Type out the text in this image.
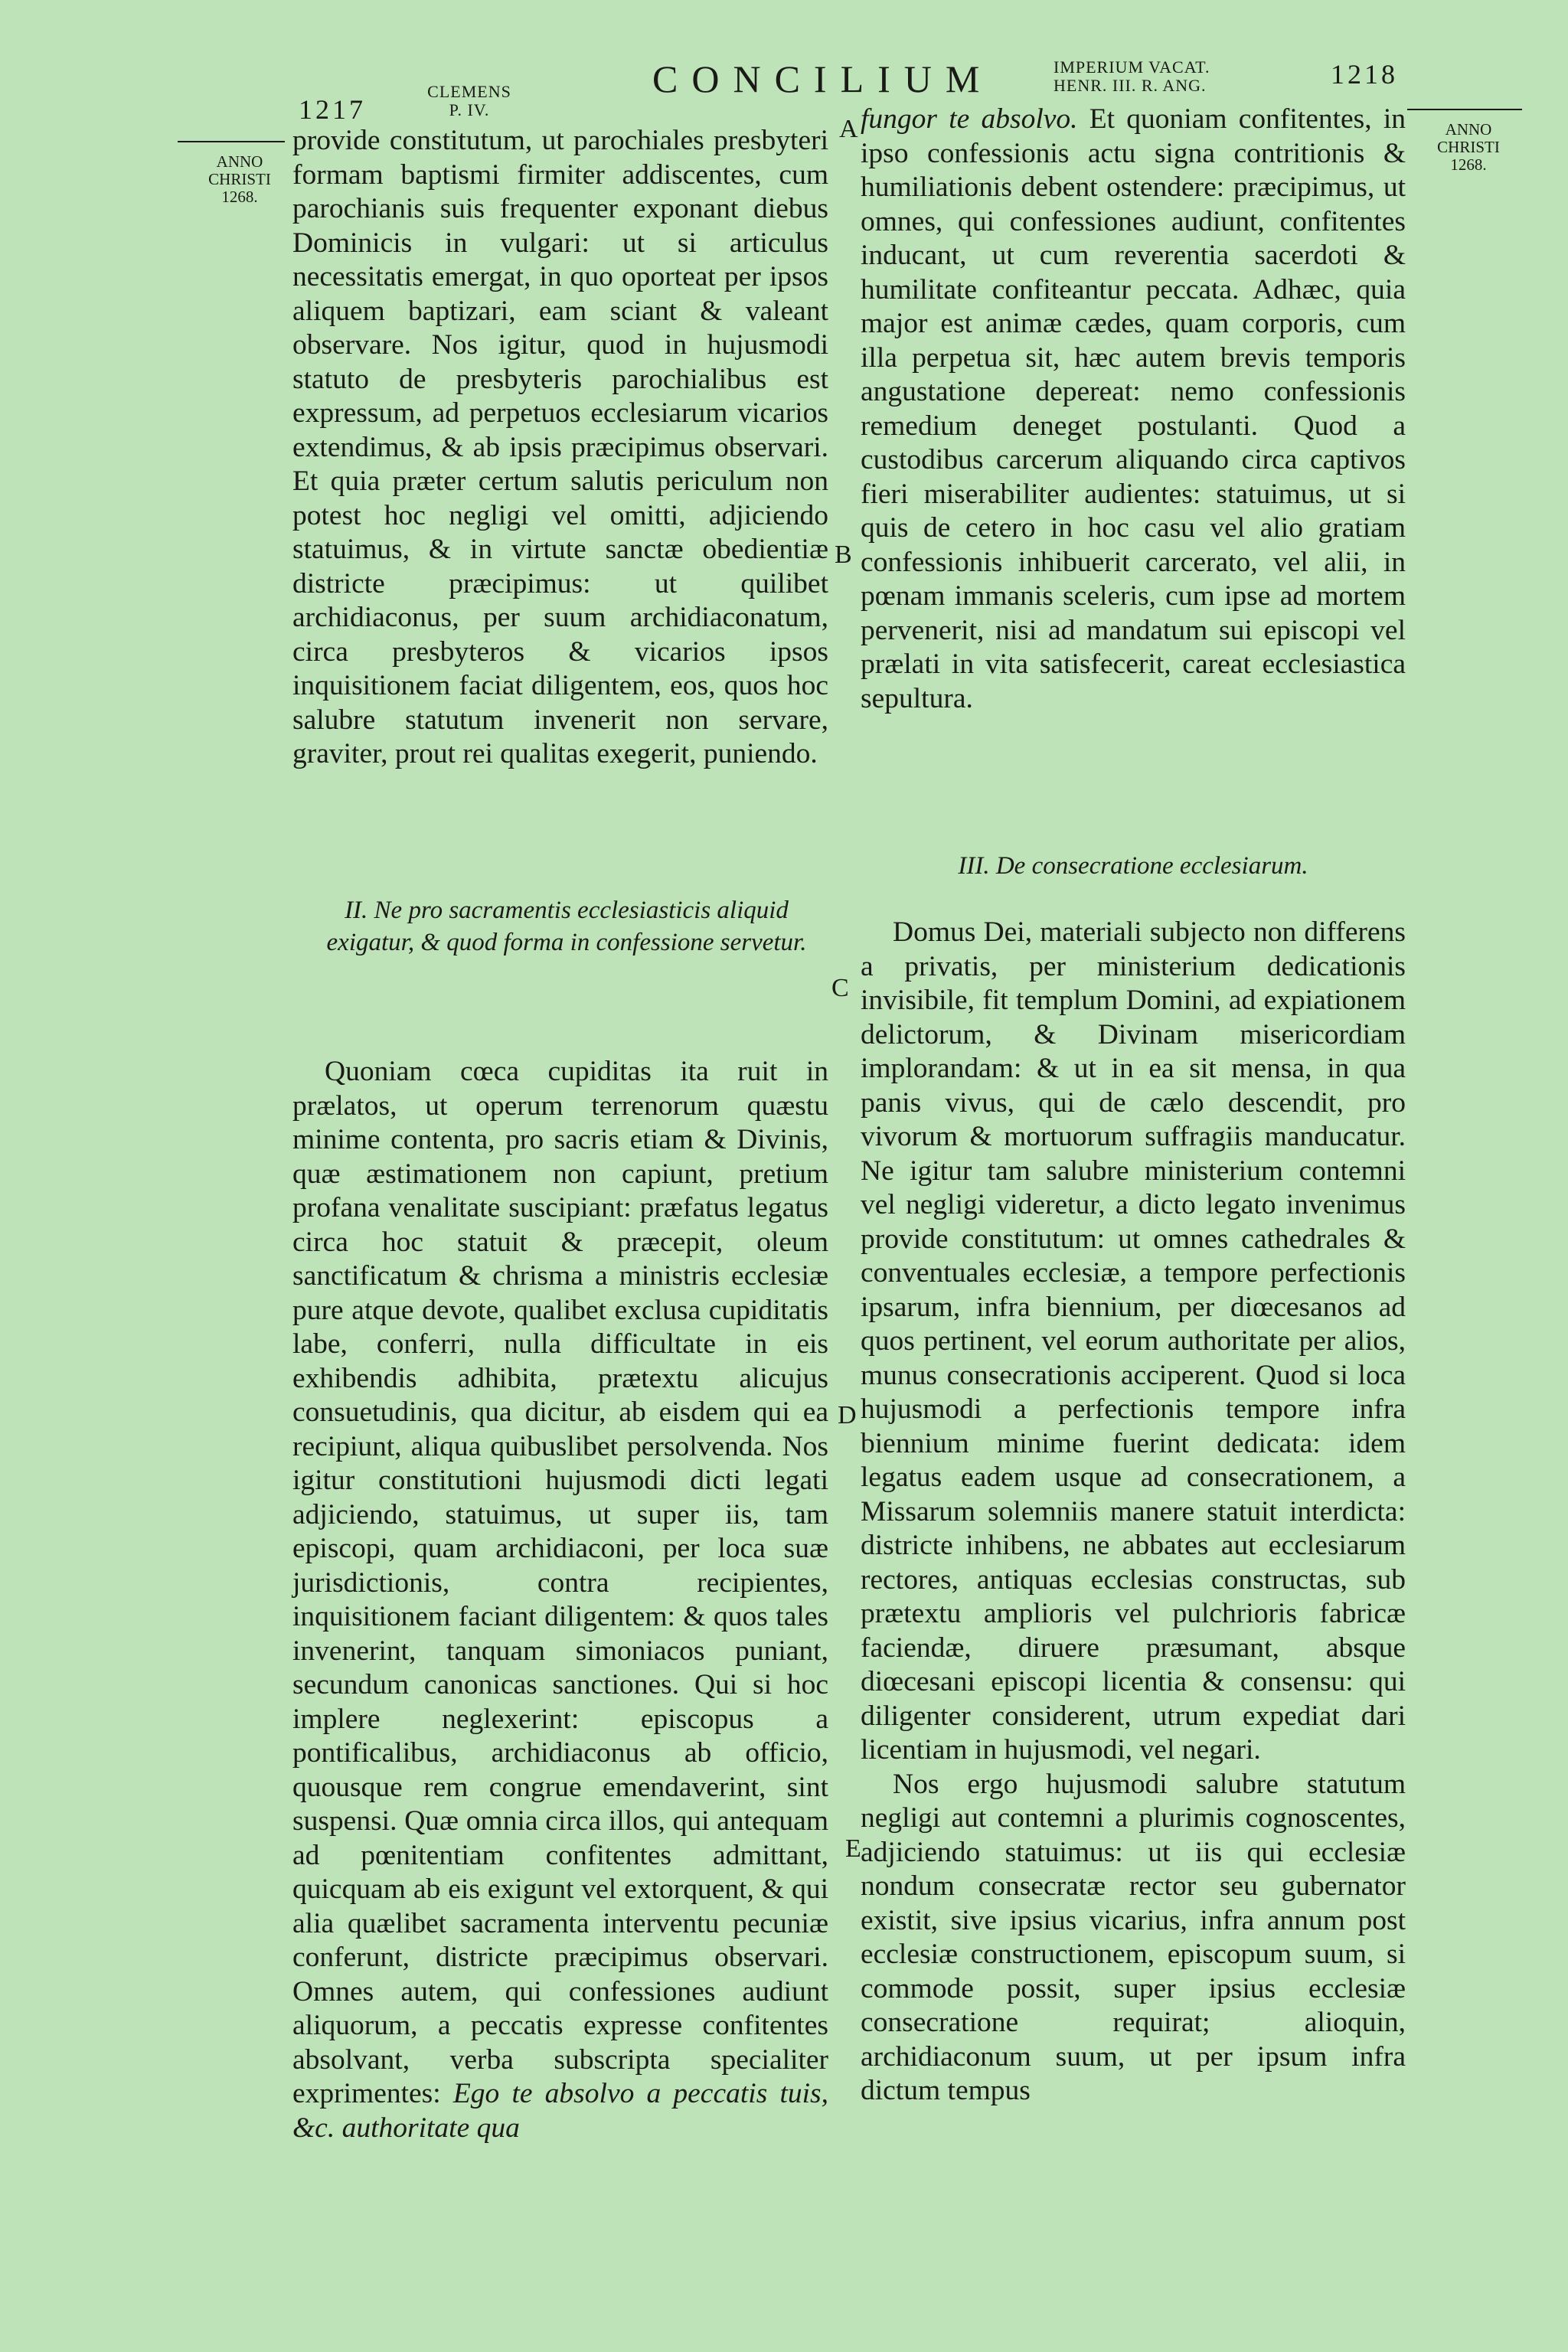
1217
CLEMENS
P. IV.
CONCILIUM	IMPERIUM VACAT.
HENR. III. R. ANG.	1218
ANNO
CHRISTI
1268.
ANNO
CHRISTI
1268.
A
B
C
D
E

provide constitutum, ut parochiales presbyteri formam baptismi firmiter addiscentes, cum parochianis suis frequenter exponant diebus Dominicis in vulgari: ut si articulus necessitatis emergat, in quo oporteat per ipsos aliquem baptizari, eam sciant & valeant observare. Nos igitur, quod in hujusmodi statuto de presbyteris parochialibus est expressum, ad perpetuos ecclesiarum vicarios extendimus, & ab ipsis præcipimus observari. Et quia præter certum salutis periculum non potest hoc negligi vel omitti, adjiciendo statuimus, & in virtute sanctæ obedientiæ districte præcipimus: ut quilibet archidiaconus, per suum archidiaconatum, circa presbyteros & vicarios ipsos inquisitionem faciat diligentem, eos, quos hoc salubre statutum invenerit non servare, graviter, prout rei qualitas exegerit, puniendo.

II. Ne pro sacramentis ecclesiasticis aliquid exigatur, & quod forma in confessione servetur.

Quoniam cœca cupiditas ita ruit in prælatos, ut operum terrenorum quæstu minime contenta, pro sacris etiam & Divinis, quæ æstimationem non capiunt, pretium profana venalitate suscipiant: præfatus legatus circa hoc statuit & præcepit, oleum sanctificatum & chrisma a ministris ecclesiæ pure atque devote, qualibet exclusa cupiditatis labe, conferri, nulla difficultate in eis exhibendis adhibita, prætextu alicujus consuetudinis, qua dicitur, ab eisdem qui ea recipiunt, aliqua quibuslibet persolvenda. Nos igitur constitutioni hujusmodi dicti legati adjiciendo, statuimus, ut super iis, tam episcopi, quam archidiaconi, per loca suæ jurisdictionis, contra recipientes, inquisitionem faciant diligentem: & quos tales invenerint, tanquam simoniacos puniant, secundum canonicas sanctiones. Qui si hoc implere neglexerint: episcopus a pontificalibus, archidiaconus ab officio, quousque rem congrue emendaverint, sint suspensi. Quæ omnia circa illos, qui antequam ad pœnitentiam confitentes admittant, quicquam ab eis exigunt vel extorquent, & qui alia quælibet sacramenta interventu pecuniæ conferunt, districte præcipimus observari. Omnes autem, qui confessiones audiunt aliquorum, a peccatis expresse confitentes absolvant, verba subscripta specialiter exprimentes: Ego te absolvo a peccatis tuis, &c. authoritate qua

fungor te absolvo. Et quoniam confitentes, in ipso confessionis actu signa contritionis & humiliationis debent ostendere: præcipimus, ut omnes, qui confessiones audiunt, confitentes inducant, ut cum reverentia sacerdoti & humilitate confiteantur peccata. Adhæc, quia major est animæ cædes, quam corporis, cum illa perpetua sit, hæc autem brevis temporis angustatione depereat: nemo confessionis remedium deneget postulanti. Quod a custodibus carcerum aliquando circa captivos fieri miserabiliter audientes: statuimus, ut si quis de cetero in hoc casu vel alio gratiam confessionis inhibuerit carcerato, vel alii, in pœnam immanis sceleris, cum ipse ad mortem pervenerit, nisi ad mandatum sui episcopi vel prælati in vita satisfecerit, careat ecclesiastica sepultura.

III. De consecratione ecclesiarum.

Domus Dei, materiali subjecto non differens a privatis, per ministerium dedicationis invisibile, fit templum Domini, ad expiationem delictorum, & Divinam misericordiam implorandam: & ut in ea sit mensa, in qua panis vivus, qui de cælo descendit, pro vivorum & mortuorum suffragiis manducatur. Ne igitur tam salubre ministerium contemni vel negligi videretur, a dicto legato invenimus provide constitutum: ut omnes cathedrales & conventuales ecclesiæ, a tempore perfectionis ipsarum, infra biennium, per diœcesanos ad quos pertinent, vel eorum authoritate per alios, munus consecrationis acciperent. Quod si loca hujusmodi a perfectionis tempore infra biennium minime fuerint dedicata: idem legatus eadem usque ad consecrationem, a Missarum solemniis manere statuit interdicta: districte inhibens, ne abbates aut ecclesiarum rectores, antiquas ecclesias constructas, sub prætextu amplioris vel pulchrioris fabricæ faciendæ, diruere præsumant, absque diœcesani episcopi licentia & consensu: qui diligenter considerent, utrum expediat dari licentiam in hujusmodi, vel negari.

Nos ergo hujusmodi salubre statutum negligi aut contemni a plurimis cognoscentes, adjiciendo statuimus: ut iis qui ecclesiæ nondum consecratæ rector seu gubernator existit, sive ipsius vicarius, infra annum post ecclesiæ constructionem, episcopum suum, si commode possit, super ipsius ecclesiæ consecratione requirat; alioquin, archidiaconum suum, ut per ipsum infra dictum tempus
